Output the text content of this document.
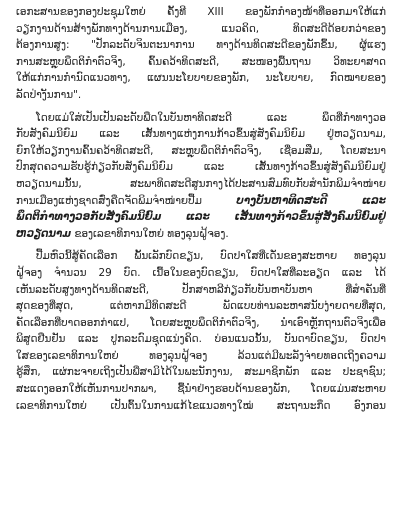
ເອກະສານຂອງກອງປະຊຸມໃຫຍ່ ຄັ້ງທີ XIII ຂອງພັກກຳອງໜ້າທີ່ອອກມາໃຫ້ແກ່
ວຽກງານດ້ານສ້າງພັກທາງດ້ານການເມືອງ, ແນວຄິດ, ທິດສະດີດ້ອຍກວ່າຂອງ
ຕ້ອງການສູງ: "ປັກລະດັບຈິນຕະນາການ ທາງດ້ານທິດສະດີຂອງພັກຂຶ້ນ, ຜູ້ແຮງ
ການສະຫຼຸບພຶດຕິກຳຕົວຈິງ, ຄົ້ນຄວ້າທິດສະດີ, ສະໜອງພື້ນຖານ ວິທະຍາສາດ
ໃຫ້ແກ່ການກຳນົດແນວທາງ, ແຜນນະໂຍບາຍຂອງພັກ, ນະໂຍບາຍ, ກົດໝາຍຂອງ
ລັດປ່າງັນການ".
ໂດຍແມ່ໃສ່ເປັນເປັນລະດັບພືດໃນບັນຫາທິດສະດີ ແລະ ພຶດທີ່ກຳທາງວອ
ກັບສັງຄົມນິຍົມ ແລະ ເສັ້ນທາງແຫ່ງການກ້າວຂຶ້ນສູ່ສັງຄົມນິຍົມ ຢູ່ຫວຽດນາມ,
ຍົກໃຫ້ວຽກງານຄົ້ນຄວ້າທິດສະດີ, ສະຫຼຸບພຶດຕິກຳຕົວຈິງ, ເຊື່ອມສືມ, ໂດຍສະນາ
ປົກສຸດຄວາມຮັບຮູ້ກ່ຽວກັບສັງຄົມນິຍົມ ແລະ ເສັ້ນທາງກ້າວຂຶ້ນສູ່ສັງຄົມນິຍົມຢູ່
ຫວຽດນາມນັ້ນ, ສະພາທິດສະດີສູນກາງໄດ້ປະສານສົມທົບກັບສຳນັກພິມຈຳໜ່າຍ
ການເມືອງແຫ່ງຊາດສົ່ງຄືດຈັດພິມຈຳໜ່າຍປື້ມ	ບາງບັນຫາທິດສະດີ ແລະ
ພຶດຕິກຳທາງວອກັບສັງຄົມນິຍົມ ແລະ ເສັ້ນທາງກ້າວຂຶ້ນສູ່ສັງຄົມນິຍົມຢູ່
ຫວຽດນາມ ຂອງເລຂາທິການໃຫຍ່ ທອງລຸນຝູ້ຈອງ.
ປື້ມຫົວນີ້ສູ້ຄັດເລືອກ ພັ້ນເລັກບົດຂຽນ, ບົດປາໃສທີ່ເດັ່ນຂອງສະຫາຍ ທອງລຸນ
ຝູ້ຈອງ ຈຳນວນ 29 ບົດ. ເນື້ອໃນຂອງບົດຂຽນ, ບົດປາໃສທີ່ລະອຽດ ແລະ ໄດ້
ເຫັນລະດັບສູງທາງດ້ານທິດສະດີ, ປັກສາຫລີກ່ຽວກັບບັນຫາບັນຫາ ທີ່ສຳຄັນທີ່
ສຸດຂອງທີ່ສຸດ, ແຕ່ຫາກມີທິດສະດີ ພັດແບບທ່ານລະຫາສນັບງ່າຍດາຍທີ່ສຸດ,
ຄັດເລືອກທີ່ບາດອອກກ່າແປ, ໂດຍສະຫຼຸບພຶດຕິກຳຕົວຈິງ, ນໍາເອົາຫຼັກຖານຕົວຈິງເພື່ອ
ພິສູດຢືນຢັນ ແລະ ປູກລະດົມຊຸດແນ່ງຄິດ. ບ່ອນແນວນັ້ນ, ບັນດາບົດຂຽນ, ບົດປາ
ໃສຂອງເລຂາທິການໃຫຍ່ ທອງລຸນຝູ້ຈອງ ລ້ວນແຕ່ມີພະລັງຈ່າຍທອດເຖິງຄວາມ
ຮູ້ສຶກ, ແຜ່ກະຈາຍເຖິງເປັນພີ່ສາມິໄດ້ໃນພະນັກງານ, ສະມາຊິກພັກ ແລະ ປະຊາຊົນ;
ສະແດງອອກໃຫ້ເຫັນການປາກພາ, ຊື້ນຳຢ່າງຮອບດ້ານຂອງພັກ, ໂດຍແມ່ນສະຫາຍ
ເລຂາທິການໃຫຍ່ ເປັນຕົ້ນໃນການແກ້ໄຂແນວທາງໃໝ່ ສະຖານະກຶດ ອົງກອນ
